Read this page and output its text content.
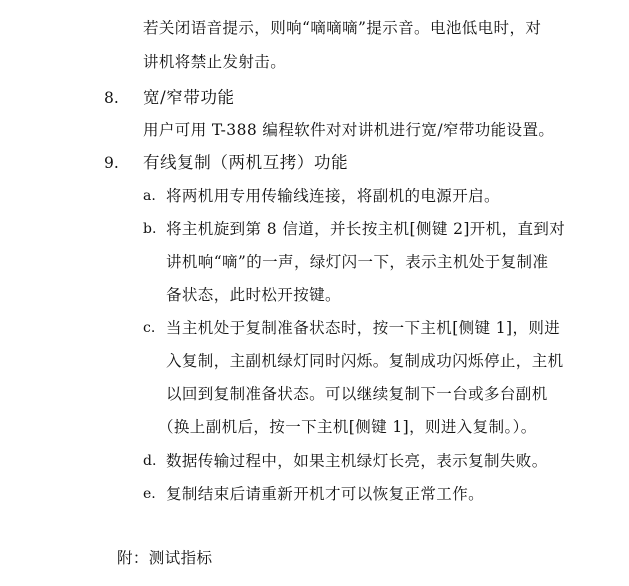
若关闭语音提示，则响“嘀嘀嘀”提示音。电池低电时，对
讲机将禁止发射击。
8. 宽/窄带功能
用户可用 T-388 编程软件对对讲机进行宽/窄带功能设置。
9. 有线复制（两机互拷）功能
a. 将两机用专用传输线连接，将副机的电源开启。
b. 将主机旋到第 8 信道，并长按主机[侧键 2]开机，直到对
讲机响“嘀”的一声，绿灯闪一下，表示主机处于复制准
备状态，此时松开按键。
c. 当主机处于复制准备状态时，按一下主机[侧键 1]，则进
入复制，主副机绿灯同时闪烁。复制成功闪烁停止，主机
以回到复制准备状态。可以继续复制下一台或多台副机
（换上副机后，按一下主机[侧键 1]，则进入复制。）。
d. 数据传输过程中，如果主机绿灯长亮，表示复制失败。
e. 复制结束后请重新开机才可以恢复正常工作。
附：测试指标
